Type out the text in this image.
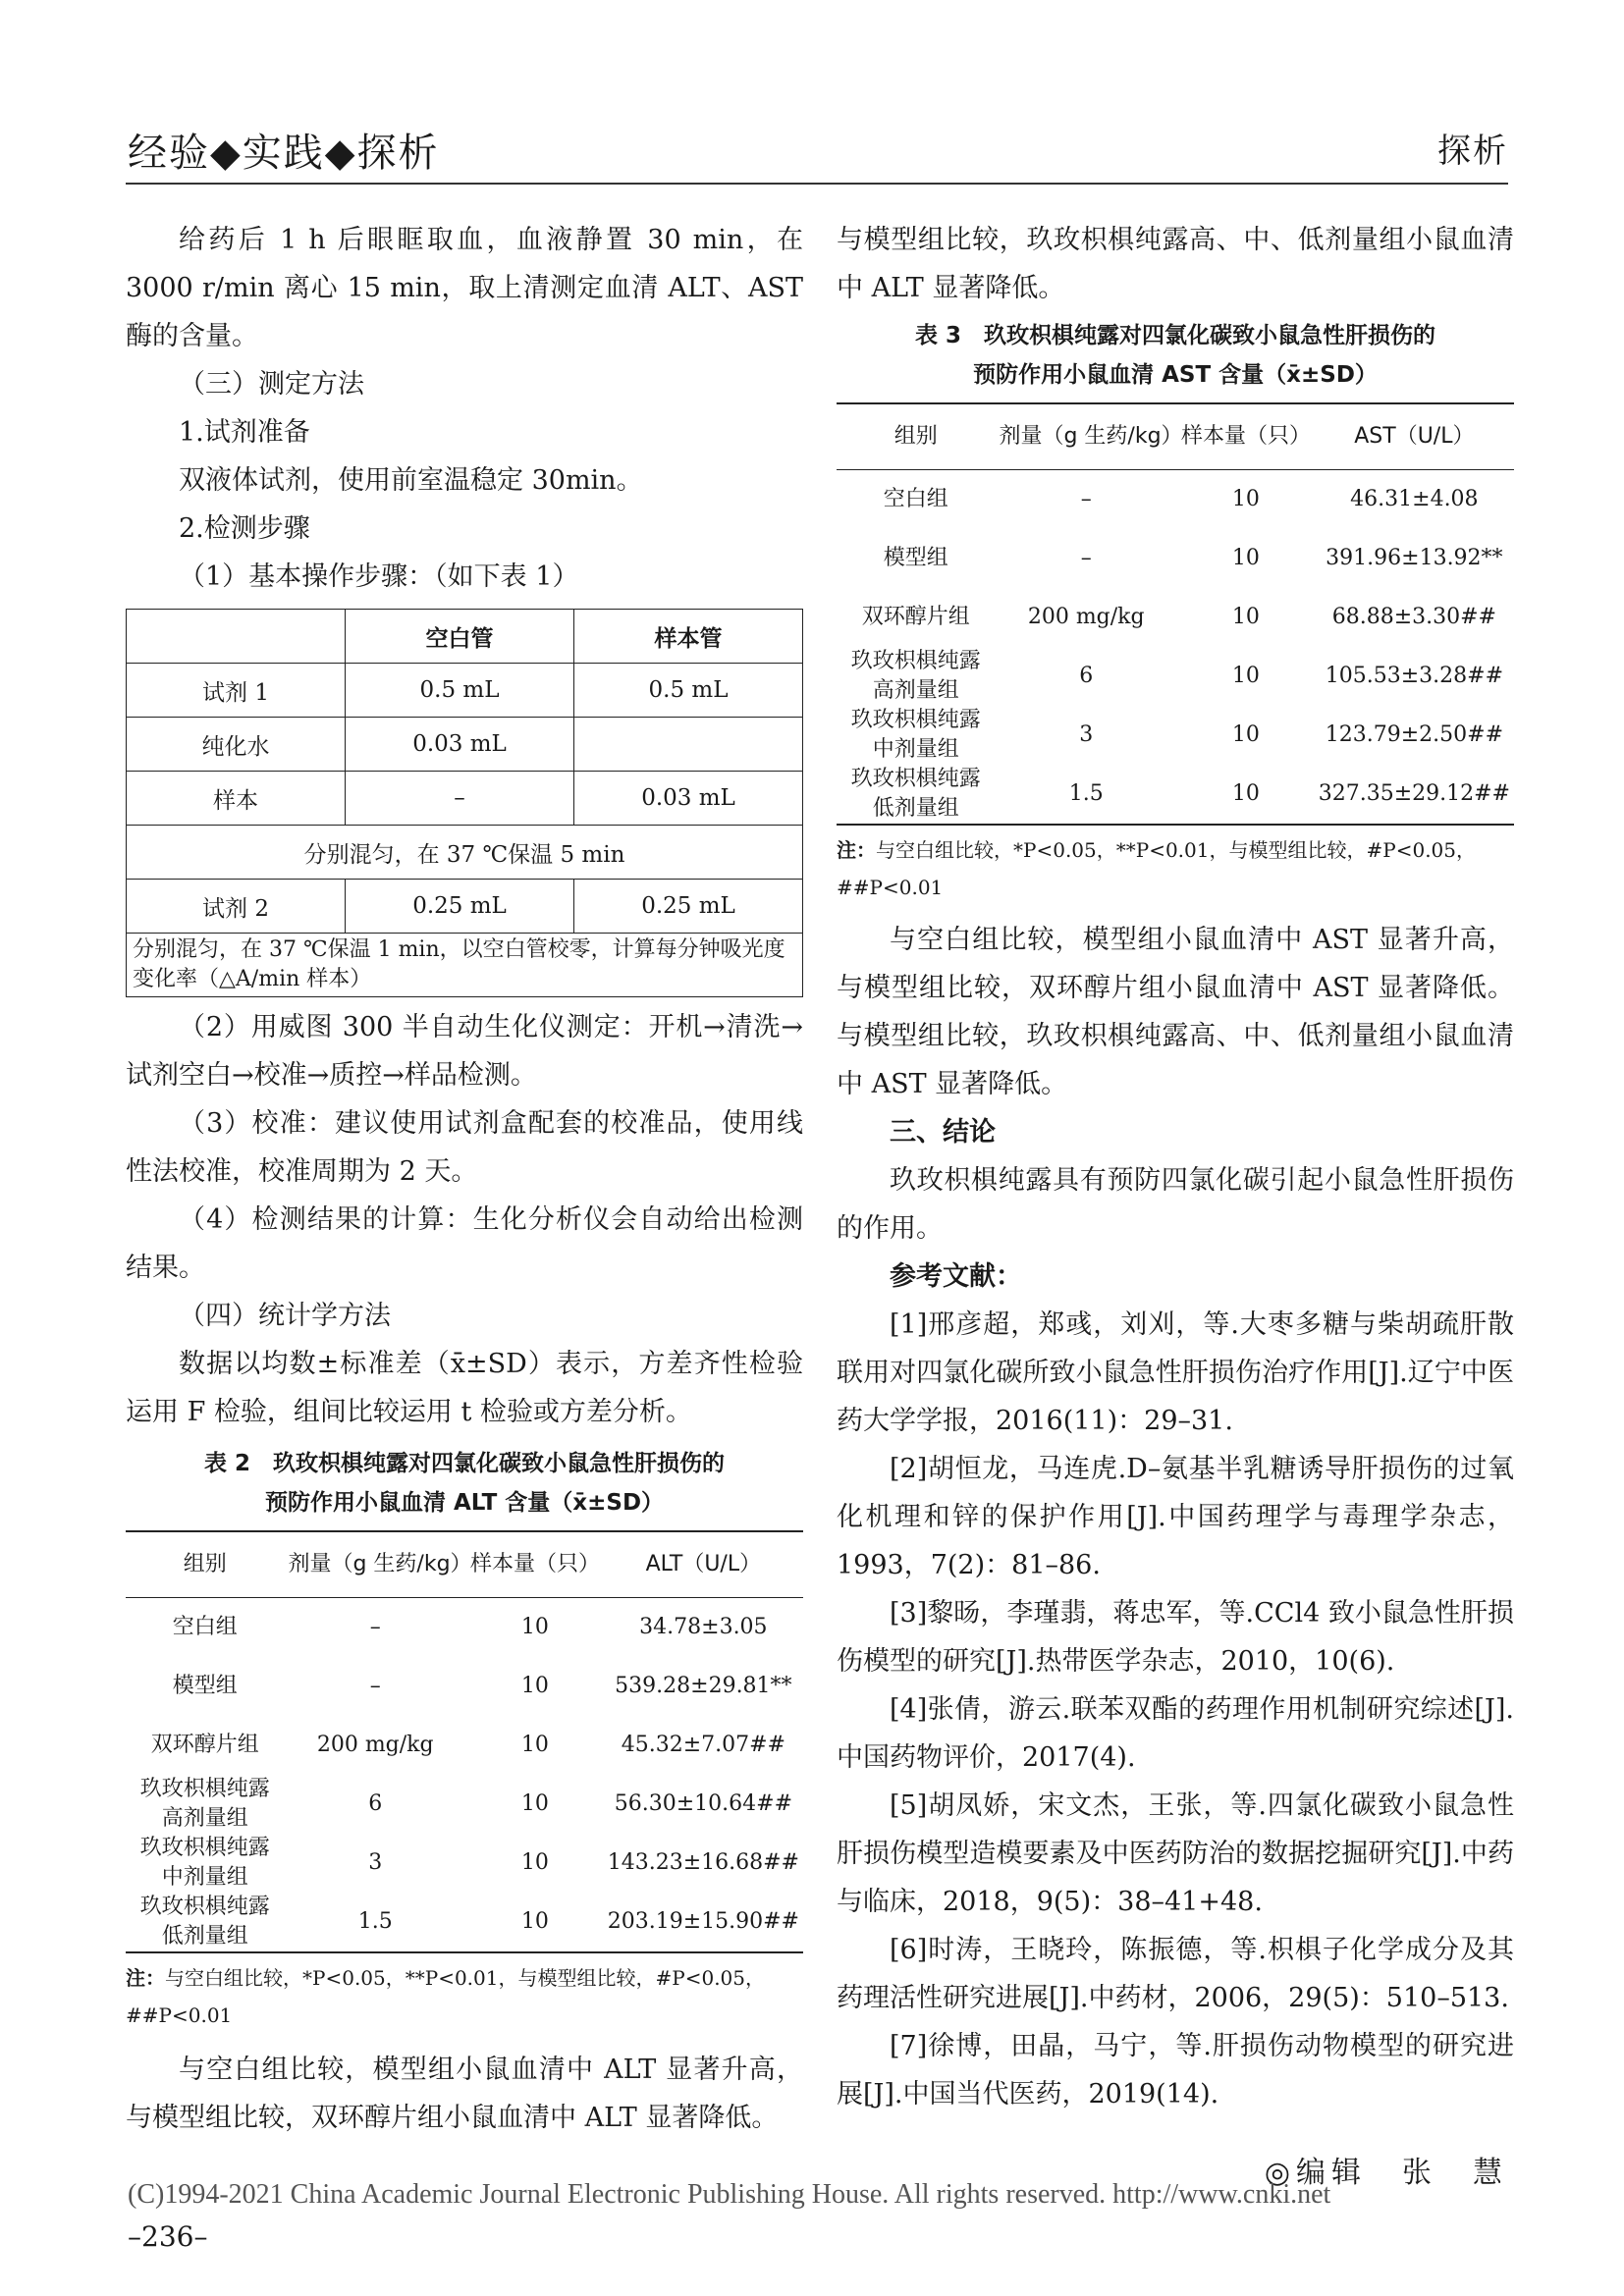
经验◆实践◆探析	探析

给药后 1 h 后眼眶取血，血液静置 30 min，在 3000 r/min 离心 15 min，取上清测定血清 ALT、AST 酶的含量。

（三）测定方法

1.试剂准备

双液体试剂，使用前室温稳定 30min。

2.检测步骤

（1）基本操作步骤：（如下表 1）

	空白管	样本管
试剂 1	0.5 mL	0.5 mL
纯化水	0.03 mL	
样本	–	0.03 mL
分别混匀，在 37 ℃保温 5 min		
试剂 2	0.25 mL	0.25 mL
分别混匀，在 37 ℃保温 1 min，以空白管校零，计算每分钟吸光度变化率（△A/min 样本）		

（2）用威图 300 半自动生化仪测定：开机→清洗→试剂空白→校准→质控→样品检测。

（3）校准：建议使用试剂盒配套的校准品，使用线性法校准，校准周期为 2 天。

（4）检测结果的计算：生化分析仪会自动给出检测结果。

（四）统计学方法

数据以均数±标准差（x̄±SD）表示，方差齐性检验运用 F 检验，组间比较运用 t 检验或方差分析。

表 2　玖玫枳椇纯露对四氯化碳致小鼠急性肝损伤的
预防作用小鼠血清 ALT 含量（x̄±SD）
组别	剂量（g 生药/kg）	样本量（只）	ALT（U/L）
空白组	–	10	34.78±3.05
模型组	–	10	539.28±29.81**
双环醇片组	200 mg/kg	10	45.32±7.07##
玖玫枳椇纯露
高剂量组	6	10	56.30±10.64##
玖玫枳椇纯露
中剂量组	3	10	143.23±16.68##
玖玫枳椇纯露
低剂量组	1.5	10	203.19±15.90##
注：与空白组比较，*P<0.05，**P<0.01，与模型组比较，#P<0.05，##P<0.01

与空白组比较，模型组小鼠血清中 ALT 显著升高，与模型组比较，双环醇片组小鼠血清中 ALT 显著降低。

与模型组比较，玖玫枳椇纯露高、中、低剂量组小鼠血清中 ALT 显著降低。

表 3　玖玫枳椇纯露对四氯化碳致小鼠急性肝损伤的
预防作用小鼠血清 AST 含量（x̄±SD）
组别	剂量（g 生药/kg）	样本量（只）	AST（U/L）
空白组	–	10	46.31±4.08
模型组	–	10	391.96±13.92**
双环醇片组	200 mg/kg	10	68.88±3.30##
玖玫枳椇纯露
高剂量组	6	10	105.53±3.28##
玖玫枳椇纯露
中剂量组	3	10	123.79±2.50##
玖玫枳椇纯露
低剂量组	1.5	10	327.35±29.12##
注：与空白组比较，*P<0.05，**P<0.01，与模型组比较，#P<0.05，##P<0.01

与空白组比较，模型组小鼠血清中 AST 显著升高，与模型组比较，双环醇片组小鼠血清中 AST 显著降低。与模型组比较，玖玫枳椇纯露高、中、低剂量组小鼠血清中 AST 显著降低。

三、结论

玖玫枳椇纯露具有预防四氯化碳引起小鼠急性肝损伤的作用。

参考文献：

[1]邢彦超，郑彧，刘刈，等.大枣多糖与柴胡疏肝散联用对四氯化碳所致小鼠急性肝损伤治疗作用[J].辽宁中医药大学学报，2016(11)：29–31.

[2]胡恒龙，马连虎.D–氨基半乳糖诱导肝损伤的过氧化机理和锌的保护作用[J].中国药理学与毒理学杂志，1993，7(2)：81–86.

[3]黎旸，李瑾翡，蒋忠军，等.CCl4 致小鼠急性肝损伤模型的研究[J].热带医学杂志，2010，10(6).

[4]张倩，游云.联苯双酯的药理作用机制研究综述[J].中国药物评价，2017(4).

[5]胡凤娇，宋文杰，王张，等.四氯化碳致小鼠急性肝损伤模型造模要素及中医药防治的数据挖掘研究[J].中药与临床，2018，9(5)：38–41+48.

[6]时涛，王晓玲，陈振德，等.枳椇子化学成分及其药理活性研究进展[J].中药材，2006，29(5)：510–513.

[7]徐博，田晶，马宁，等.肝损伤动物模型的研究进展[J].中国当代医药，2019(14).

◎编辑　张　慧
(C)1994-2021 China Academic Journal Electronic Publishing House. All rights reserved. http://www.cnki.net
–236–
